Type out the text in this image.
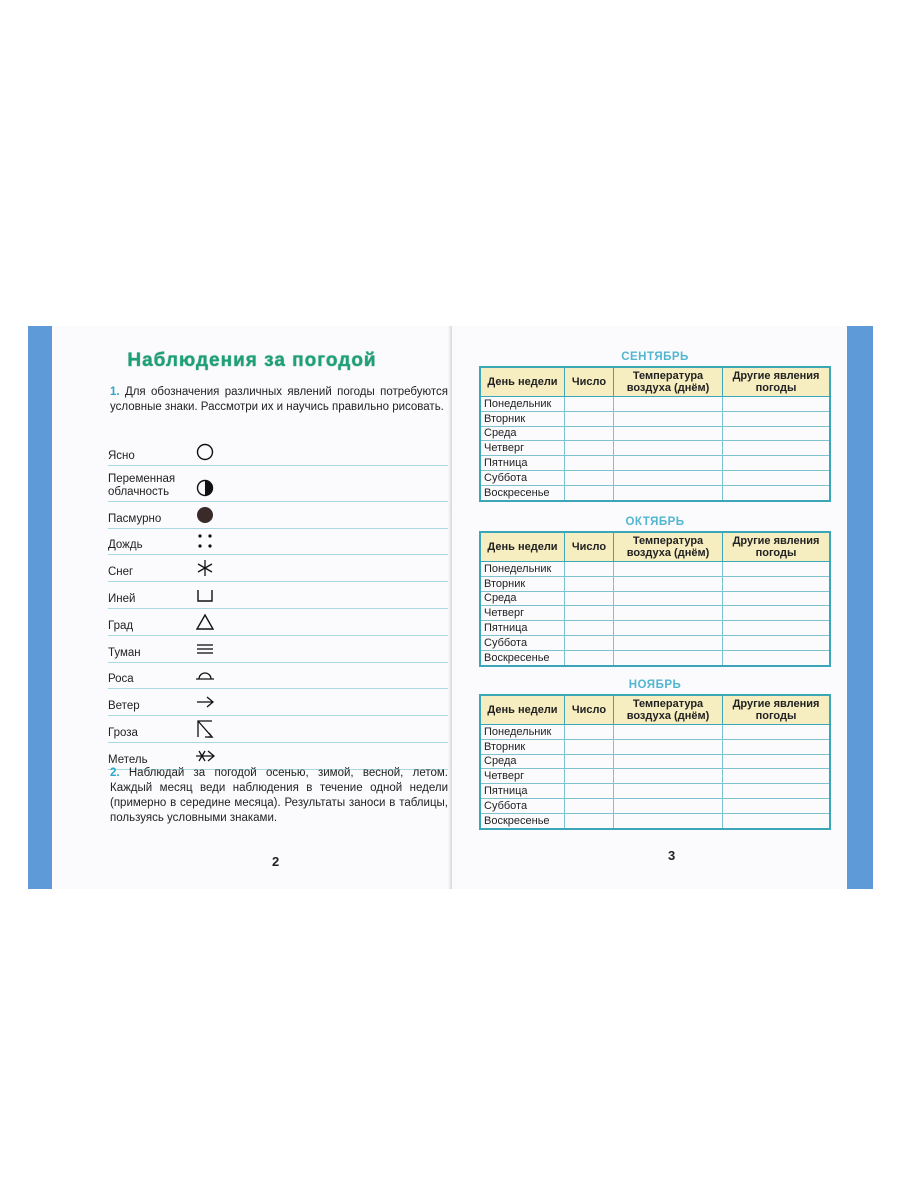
Наблюдения за погодой
1. Для обозначения различных явлений погоды потребуются условные знаки. Рассмотри их и научись правильно рисовать.
Ясно
Переменная облачность
Пасмурно
Дождь
Снег
Иней
Град
Туман
Роса
Ветер
Гроза
Метель
2. Наблюдай за погодой осенью, зимой, весной, летом. Каждый месяц веди наблюдения в течение одной недели (примерно в середине месяца). Результаты заноси в таблицы, пользуясь условными знаками.
2
СЕНТЯБРЬ
День недели	Число	Температура воздуха (днём)	Другие явления погоды
Понедельник			
Вторник			
Среда			
Четверг			
Пятница			
Суббота			
Воскресенье			
ОКТЯБРЬ
День недели	Число	Температура воздуха (днём)	Другие явления погоды
Понедельник			
Вторник			
Среда			
Четверг			
Пятница			
Суббота			
Воскресенье			
НОЯБРЬ
День недели	Число	Температура воздуха (днём)	Другие явления погоды
Понедельник			
Вторник			
Среда			
Четверг			
Пятница			
Суббота			
Воскресенье			
3
